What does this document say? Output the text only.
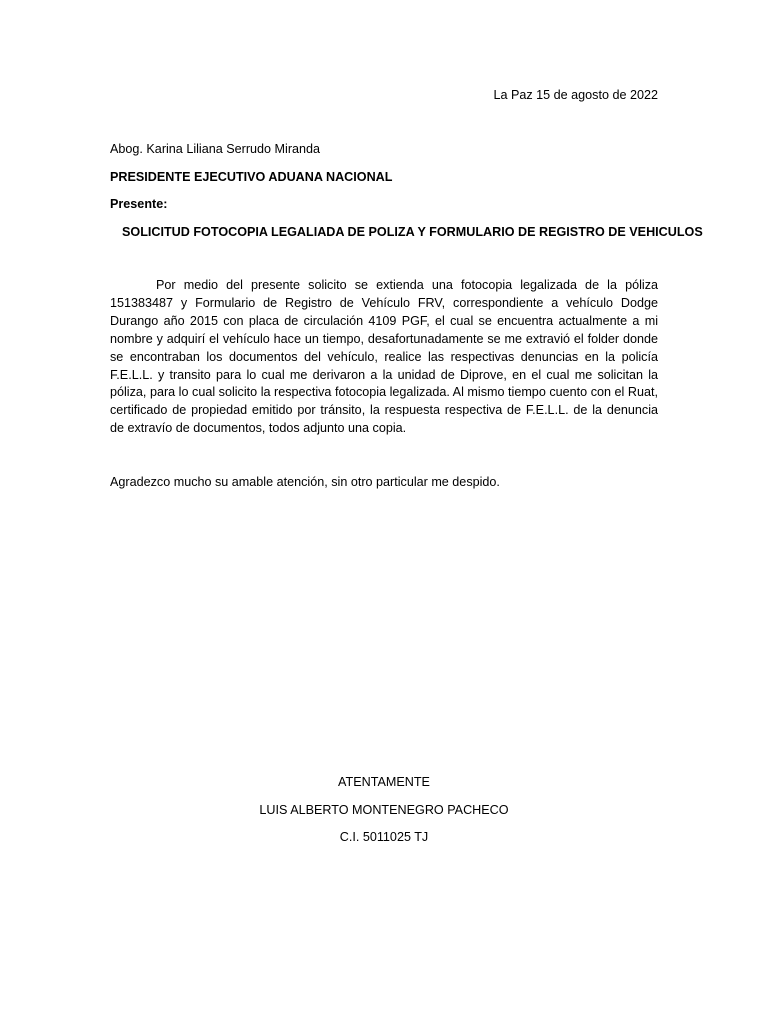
La Paz 15 de agosto de 2022
Abog. Karina Liliana Serrudo Miranda
PRESIDENTE EJECUTIVO ADUANA NACIONAL
Presente:
SOLICITUD FOTOCOPIA LEGALIADA DE POLIZA Y FORMULARIO DE REGISTRO DE VEHICULOS
Por medio del presente solicito se extienda una fotocopia legalizada de la póliza 151383487 y Formulario de Registro de Vehículo FRV, correspondiente a vehículo Dodge Durango año 2015 con placa de circulación 4109 PGF, el cual se encuentra actualmente a mi nombre y adquirí el vehículo hace un tiempo, desafortunadamente se me extravió el folder donde se encontraban los documentos del vehículo, realice las respectivas denuncias en la policía F.E.L.L. y transito para lo cual me derivaron a la unidad de Diprove, en el cual me solicitan la póliza, para lo cual solicito la respectiva fotocopia legalizada. Al mismo tiempo cuento con el Ruat, certificado de propiedad emitido por tránsito, la respuesta respectiva de F.E.L.L. de la denuncia de extravío de documentos, todos adjunto una copia.
Agradezco mucho su amable atención, sin otro particular me despido.
ATENTAMENTE
LUIS ALBERTO MONTENEGRO PACHECO
C.I. 5011025 TJ
